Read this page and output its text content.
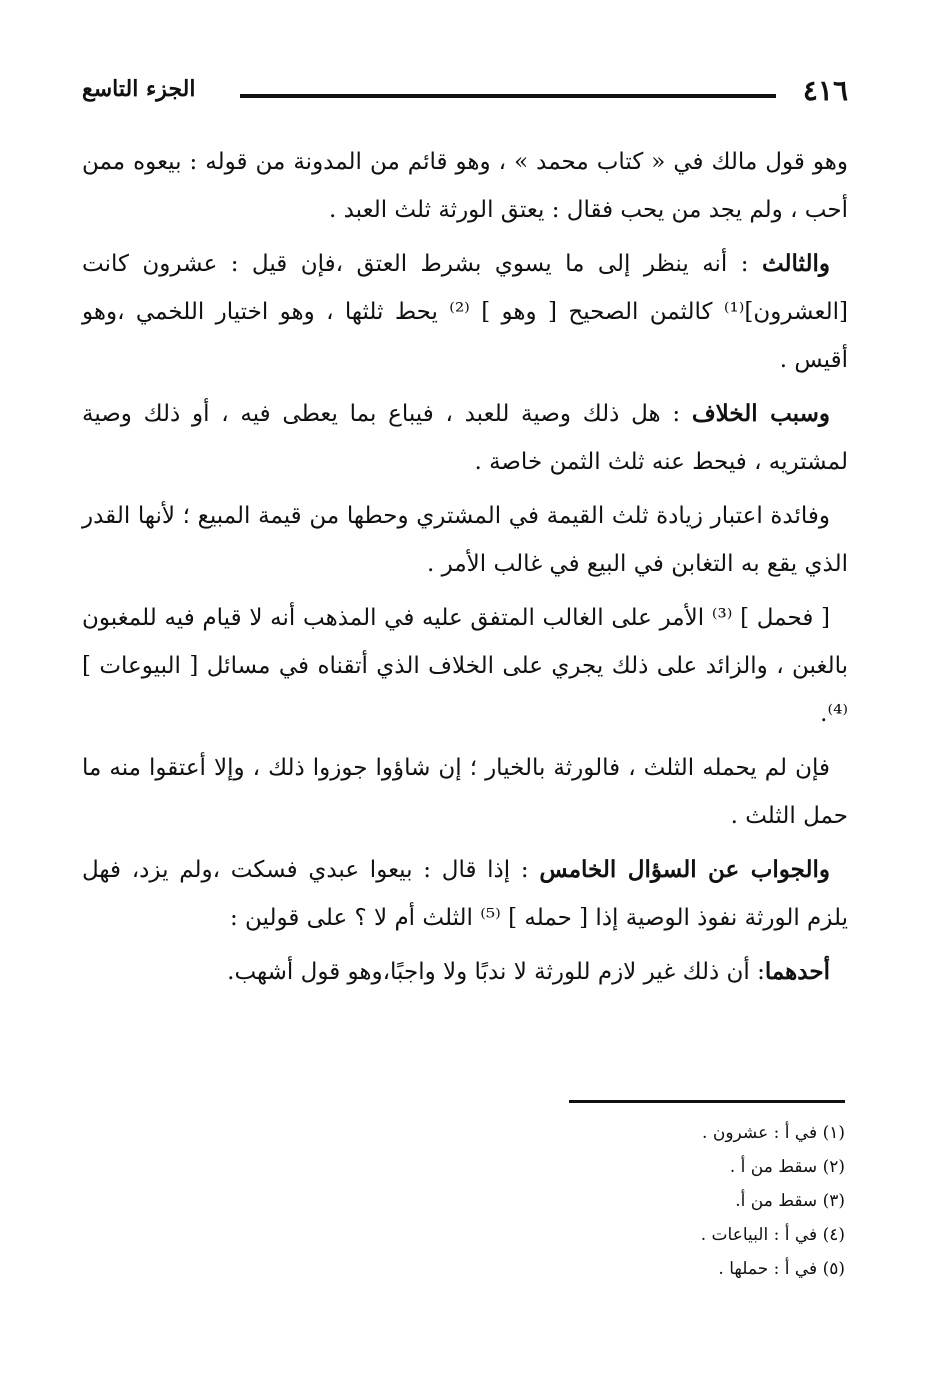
٤١٦
الجزء التاسع

وهو قول مالك في « كتاب محمد » ، وهو قائم من المدونة من قوله : بيعوه ممن أحب ، ولم يجد من يحب فقال : يعتق الورثة ثلث العبد .

والثالث : أنه ينظر إلى ما يسوي بشرط العتق ،فإن قيل : عشرون كانت [العشرون]⁽¹⁾ كالثمن الصحيح [ وهو ] ⁽²⁾ يحط ثلثها ، وهو اختيار اللخمي ،وهو أقيس .

وسبب الخلاف : هل ذلك وصية للعبد ، فيباع بما يعطى فيه ، أو ذلك وصية لمشتريه ، فيحط عنه ثلث الثمن خاصة .

وفائدة اعتبار زيادة ثلث القيمة في المشتري وحطها من قيمة المبيع ؛ لأنها القدر الذي يقع به التغابن في البيع في غالب الأمر .

[ فحمل ] ⁽³⁾ الأمر على الغالب المتفق عليه في المذهب أنه لا قيام فيه للمغبون بالغبن ، والزائد على ذلك يجري على الخلاف الذي أتقناه في مسائل [ البيوعات ] ⁽⁴⁾.

فإن لم يحمله الثلث ، فالورثة بالخيار ؛ إن شاؤوا جوزوا ذلك ، وإلا أعتقوا منه ما حمل الثلث .

والجواب عن السؤال الخامس : إذا قال : بيعوا عبدي فسكت ،ولم يزد، فهل يلزم الورثة نفوذ الوصية إذا [ حمله ] ⁽⁵⁾ الثلث أم لا ؟ على قولين :

أحدهما: أن ذلك غير لازم للورثة لا ندبًا ولا واجبًا،وهو قول أشهب.

(١) في أ : عشرون .

(٢) سقط من أ .

(٣) سقط من أ.

(٤) في أ : البياعات .

(٥) في أ : حملها .
